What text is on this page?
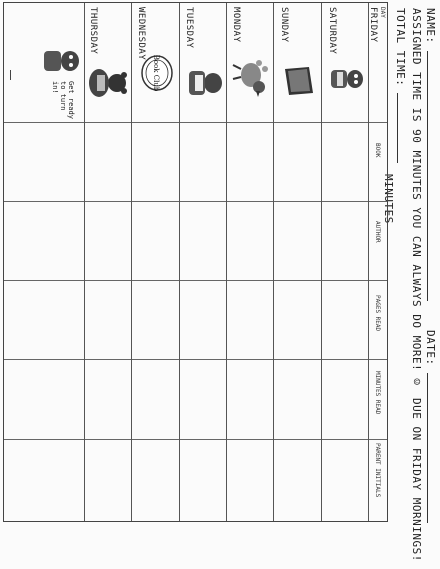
NAME:
DATE:
ASSIGNED TIME IS 90 MINUTES YOU CAN ALWAYS DO MORE! ☺
DUE ON FRIDAY MORNINGS!
TOTAL TIME:
MINUTES
DAY
BOOK
AUTHOR
PAGES READ
MINUTES READ
PARENT INITIALS
FRIDAY
SATURDAY
SUNDAY
MONDAY
TUESDAY
WEDNESDAY
THURSDAY
Book Club
Get ready
to turn
in!
